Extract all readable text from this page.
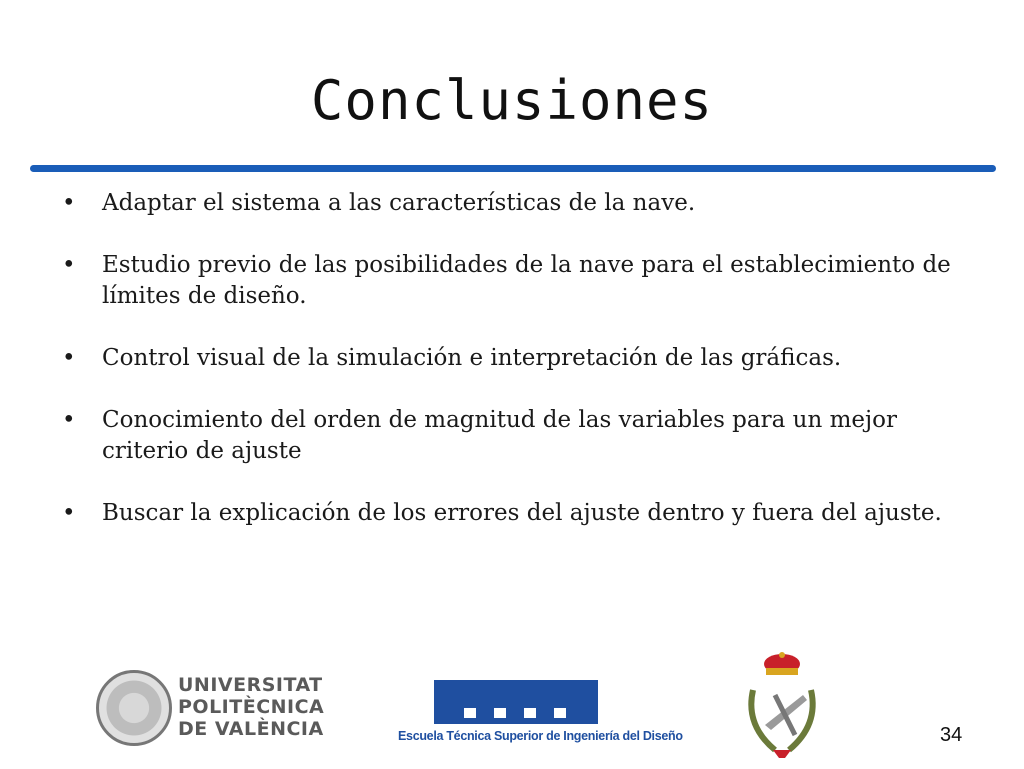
Conclusiones
• Adaptar el sistema a las características de la nave.
• Estudio previo de las posibilidades de la nave para el establecimiento de límites de diseño.
• Control visual de la simulación e interpretación de las gráficas.
• Conocimiento del orden de magnitud de las variables para un mejor criterio de ajuste
• Buscar la explicación de los errores del ajuste dentro y fuera del ajuste.
UNIVERSITAT
POLITÈCNICA
DE VALÈNCIA	Escuela Técnica Superior de Ingeniería del Diseño	34
